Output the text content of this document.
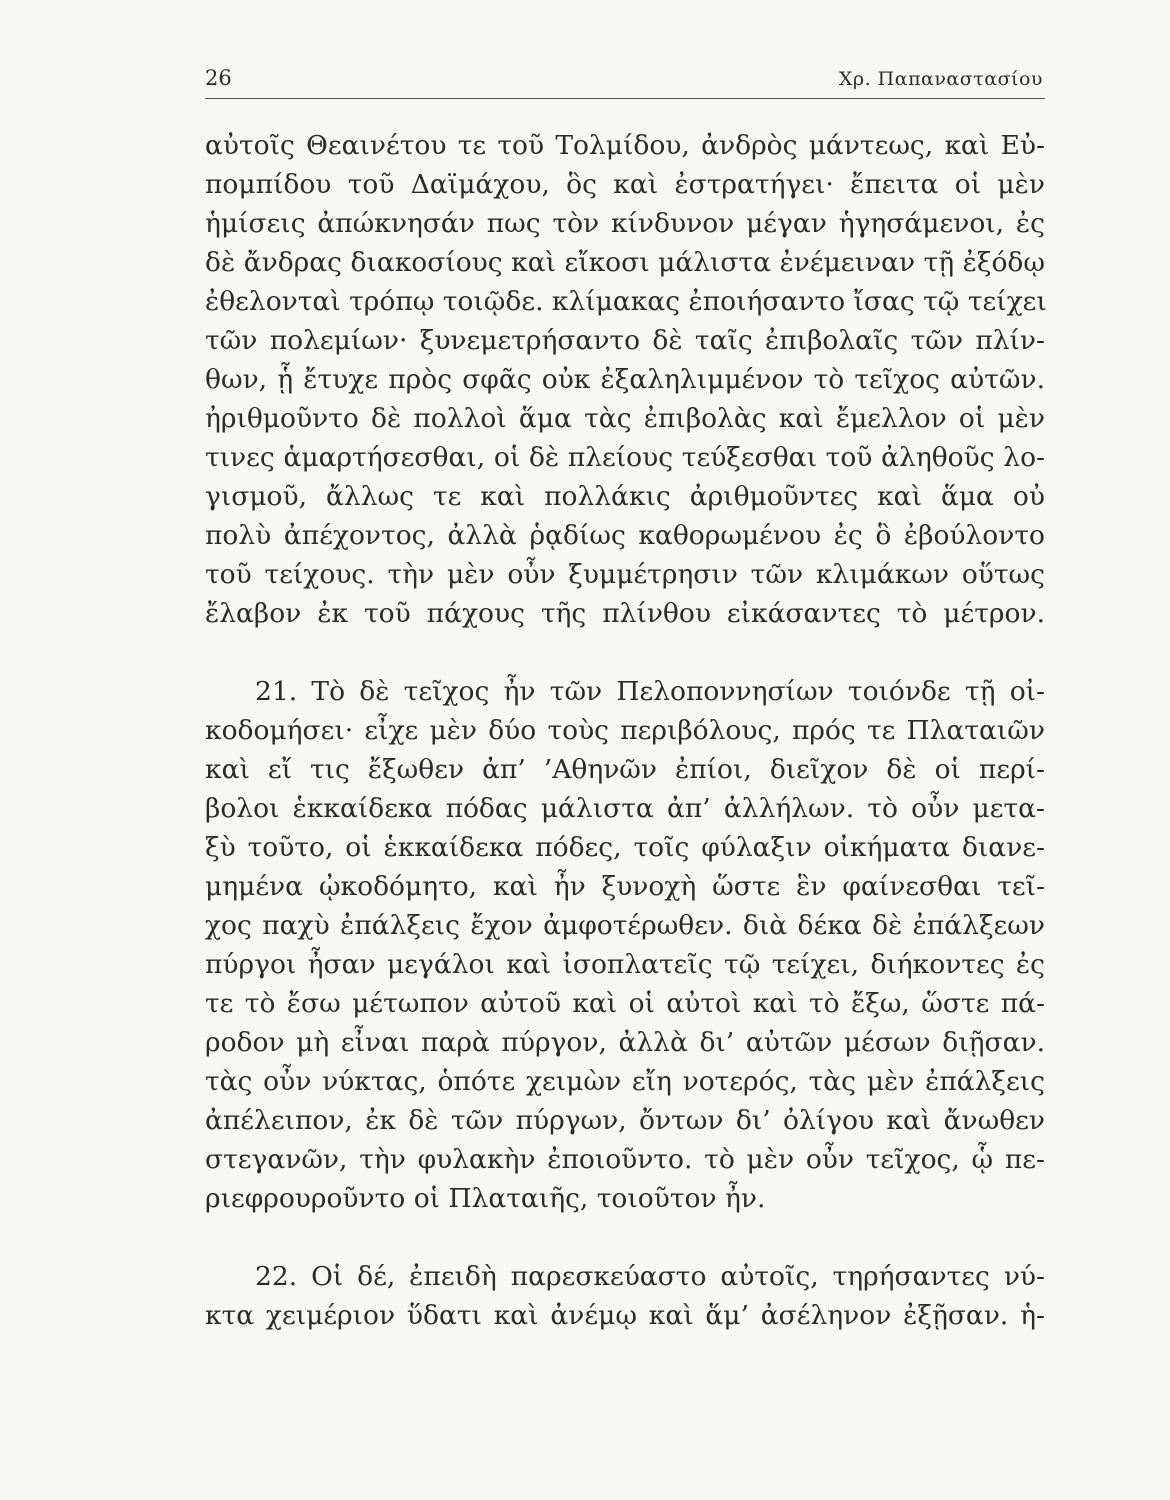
26	Χρ. Παπαναστασίου
αὐτοῖς Θεαινέτου τε τοῦ Τολμίδου, ἀνδρὸς μάντεως, καὶ Εὐ-
πομπίδου τοῦ Δαϊμάχου, ὃς καὶ ἐστρατήγει· ἔπειτα οἱ μὲν
ἡμίσεις ἀπώκνησάν πως τὸν κίνδυνον μέγαν ἡγησάμενοι, ἐς
δὲ ἄνδρας διακοσίους καὶ εἴκοσι μάλιστα ἐνέμειναν τῇ ἐξόδῳ
ἐθελονταὶ τρόπῳ τοιῷδε. κλίμακας ἐποιήσαντο ἴσας τῷ τείχει
τῶν πολεμίων· ξυνεμετρήσαντο δὲ ταῖς ἐπιβολαῖς τῶν πλίν-
θων, ᾗ ἔτυχε πρὸς σφᾶς οὐκ ἐξαληλιμμένον τὸ τεῖχος αὐτῶν.
ἠριθμοῦντο δὲ πολλοὶ ἅμα τὰς ἐπιβολὰς καὶ ἔμελλον οἱ μὲν
τινες ἁμαρτήσεσθαι, οἱ δὲ πλείους τεύξεσθαι τοῦ ἀληθοῦς λο-
γισμοῦ, ἄλλως τε καὶ πολλάκις ἀριθμοῦντες καὶ ἅμα οὐ
πολὺ ἀπέχοντος, ἀλλὰ ῥᾳδίως καθορωμένου ἐς ὃ ἐβούλοντο
τοῦ τείχους. τὴν μὲν οὖν ξυμμέτρησιν τῶν κλιμάκων οὕτως
ἔλαβον ἐκ τοῦ πάχους τῆς πλίνθου εἰκάσαντες τὸ μέτρον.
21. Τὸ δὲ τεῖχος ἦν τῶν Πελοποννησίων τοιόνδε τῇ οἰ-
κοδομήσει· εἶχε μὲν δύο τοὺς περιβόλους, πρός τε Πλαταιῶν
καὶ εἴ τις ἔξωθεν ἀπ’ ’Αθηνῶν ἐπίοι, διεῖχον δὲ οἱ περί-
βολοι ἑκκαίδεκα πόδας μάλιστα ἀπ’ ἀλλήλων. τὸ οὖν μετα-
ξὺ τοῦτο, οἱ ἑκκαίδεκα πόδες, τοῖς φύλαξιν οἰκήματα διανε-
μημένα ᾠκοδόμητο, καὶ ἦν ξυνοχὴ ὥστε ἓν φαίνεσθαι τεῖ-
χος παχὺ ἐπάλξεις ἔχον ἀμφοτέρωθεν. διὰ δέκα δὲ ἐπάλξεων
πύργοι ἦσαν μεγάλοι καὶ ἰσοπλατεῖς τῷ τείχει, διήκοντες ἐς
τε τὸ ἔσω μέτωπον αὐτοῦ καὶ οἱ αὐτοὶ καὶ τὸ ἔξω, ὥστε πά-
ροδον μὴ εἶναι παρὰ πύργον, ἀλλὰ δι’ αὐτῶν μέσων διῇσαν.
τὰς οὖν νύκτας, ὁπότε χειμὼν εἴη νοτερός, τὰς μὲν ἐπάλξεις
ἀπέλειπον, ἐκ δὲ τῶν πύργων, ὄντων δι’ ὀλίγου καὶ ἄνωθεν
στεγανῶν, τὴν φυλακὴν ἐποιοῦντο. τὸ μὲν οὖν τεῖχος, ᾧ πε-
ριεφρουροῦντο οἱ Πλαταιῆς, τοιοῦτον ἦν.
22. Οἱ δέ, ἐπειδὴ παρεσκεύαστο αὐτοῖς, τηρήσαντες νύ-
κτα χειμέριον ὕδατι καὶ ἀνέμῳ καὶ ἅμ’ ἀσέληνον ἐξῇσαν. ἡ-
